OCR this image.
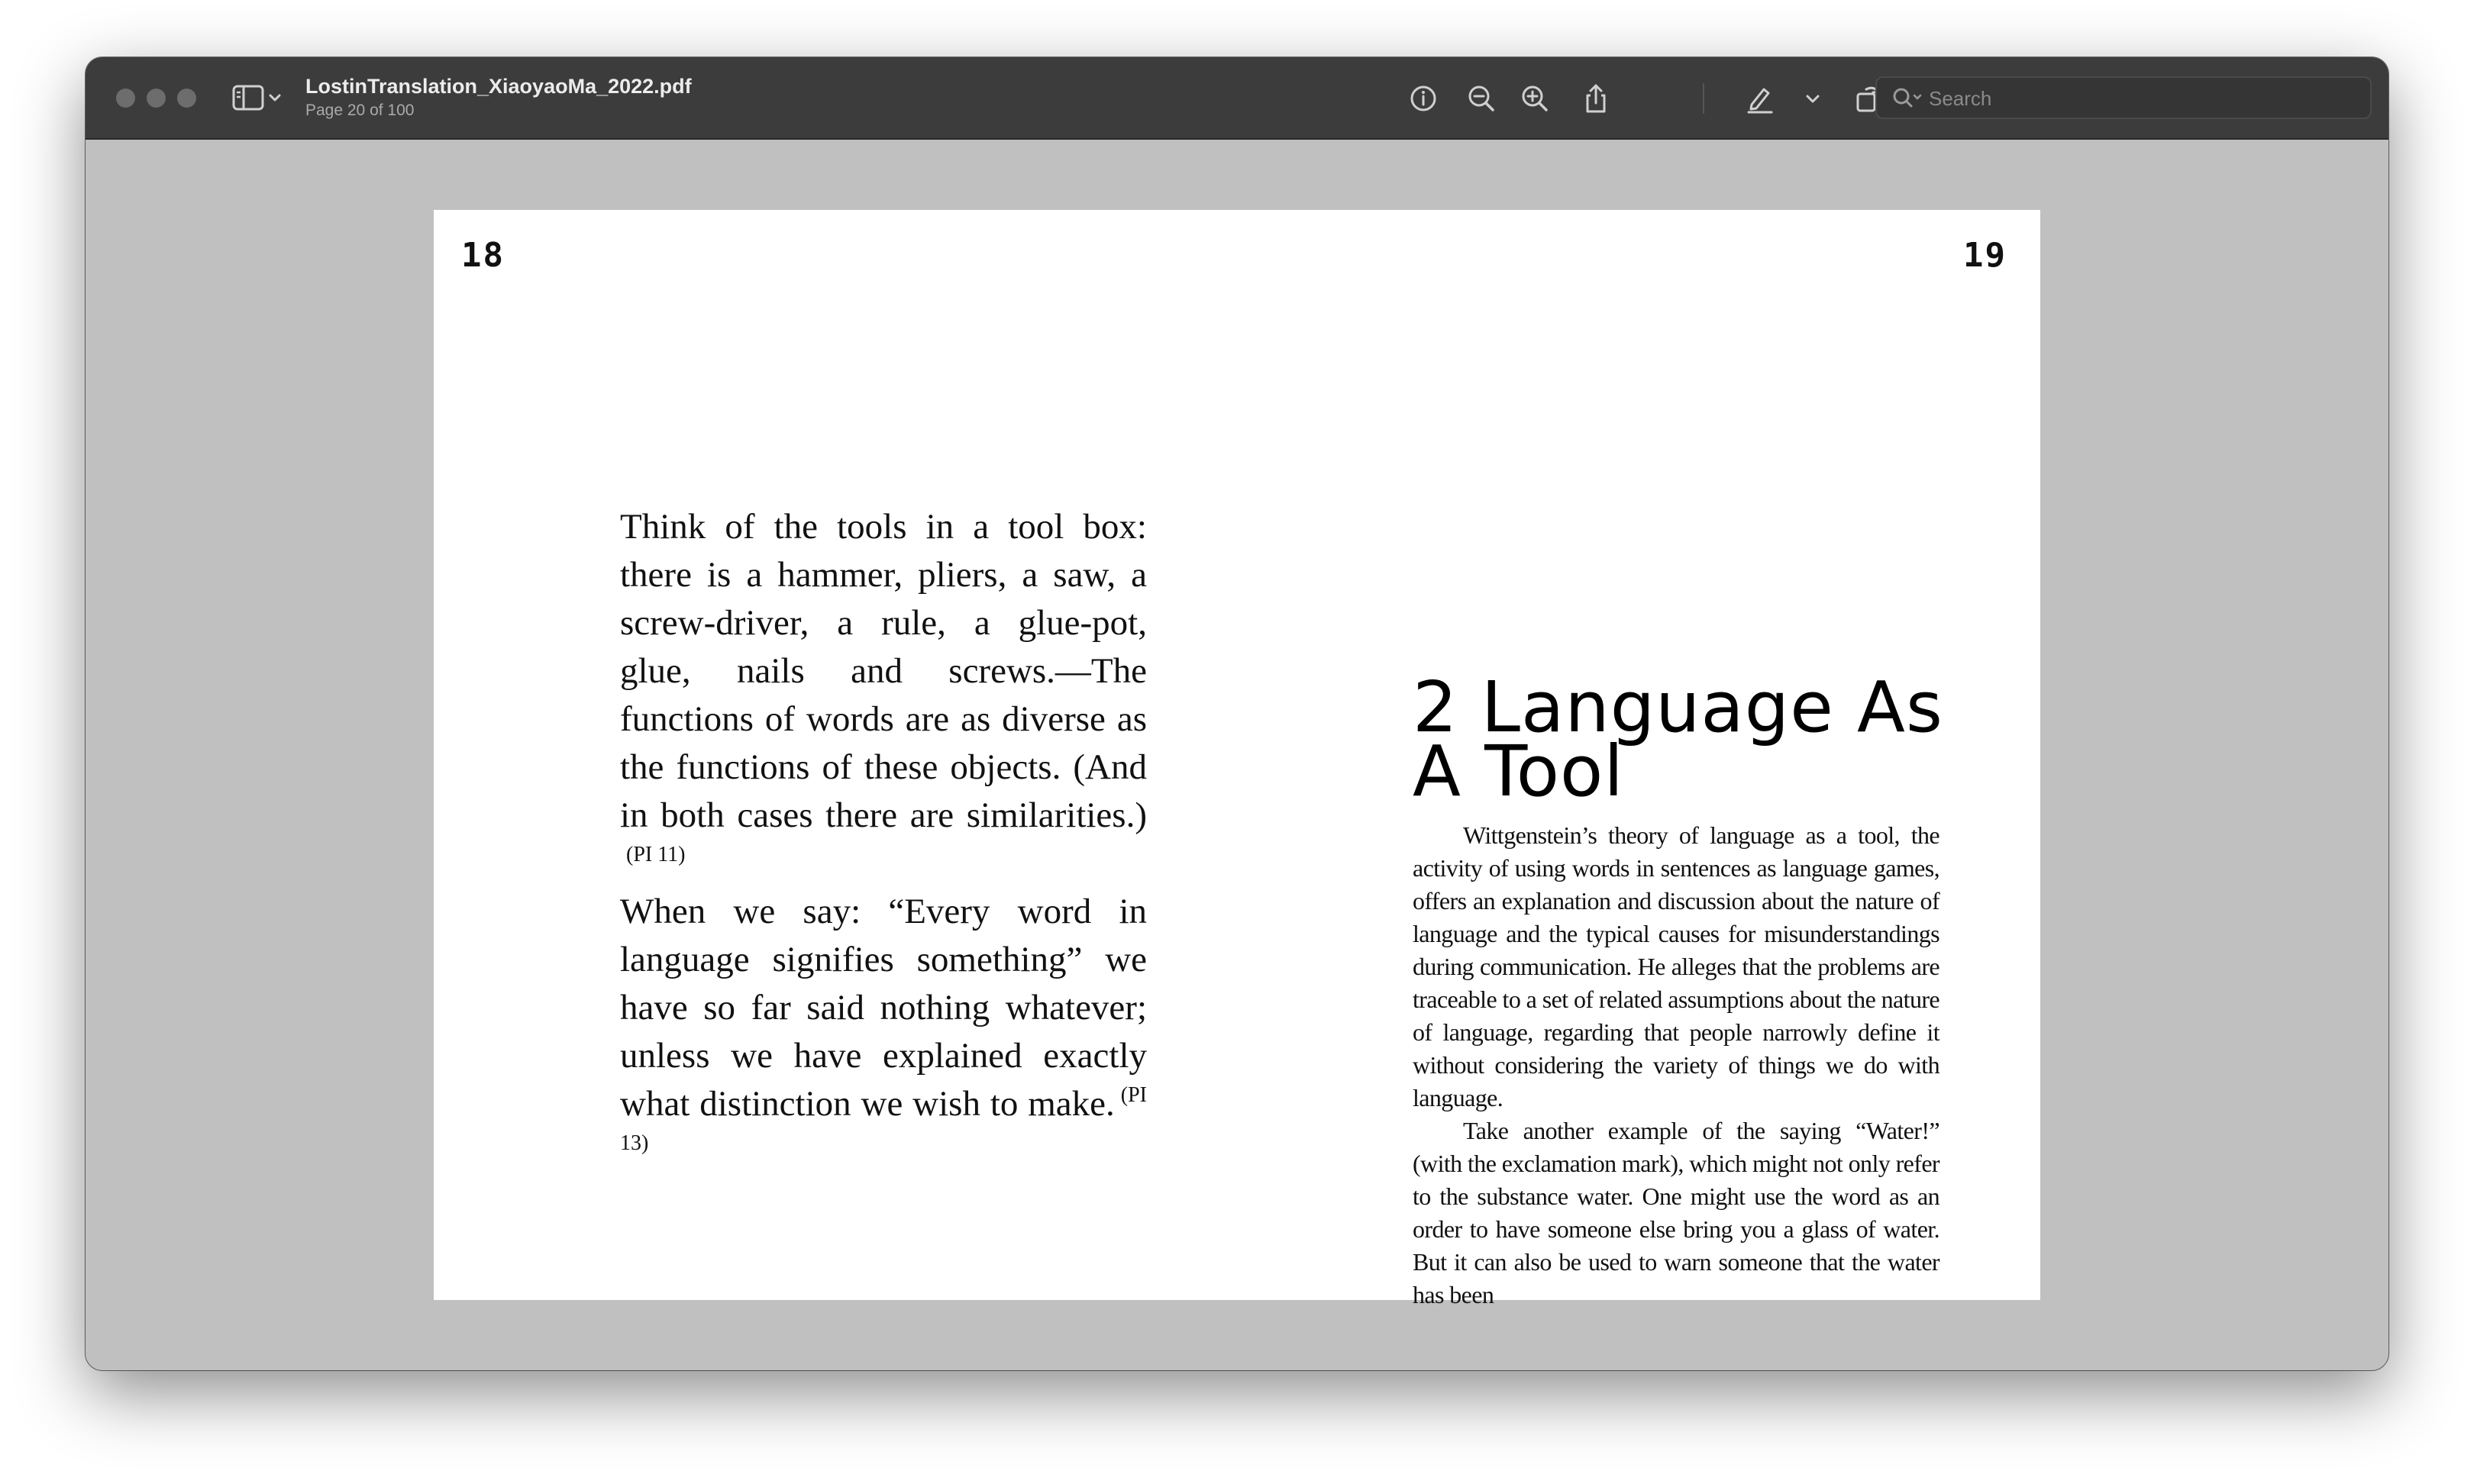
LostinTranslation_XiaoyaoMa_2022.pdf
Page 20 of 100
Search
18	19
Think of the tools in a tool box: there is a hammer, pliers, a saw, a screw-driver, a rule, a glue-pot, glue, nails and screws.—The functions of words are as diverse as the functions of these objects. (And in both cases there are similarities.)$^{(PI 11)}$
When we say: “Every word in language signifies something” we have so far said nothing whatever; unless we have explained exactly what distinction we wish to make. $^{(PI 13)}$
2 Language As A Tool

Wittgenstein’s theory of language as a tool, the activity of using words in sentences as language games, offers an explanation and discussion about the nature of language and the typical causes for misunderstandings during communication. He alleges that the problems are traceable to a set of related assumptions about the nature of language, regarding that people narrowly define it without considering the variety of things we do with language.

Take another example of the saying “Water!” (with the exclamation mark), which might not only refer to the substance water. One might use the word as an order to have someone else bring you a glass of water. But it can also be used to warn someone that the water has been
